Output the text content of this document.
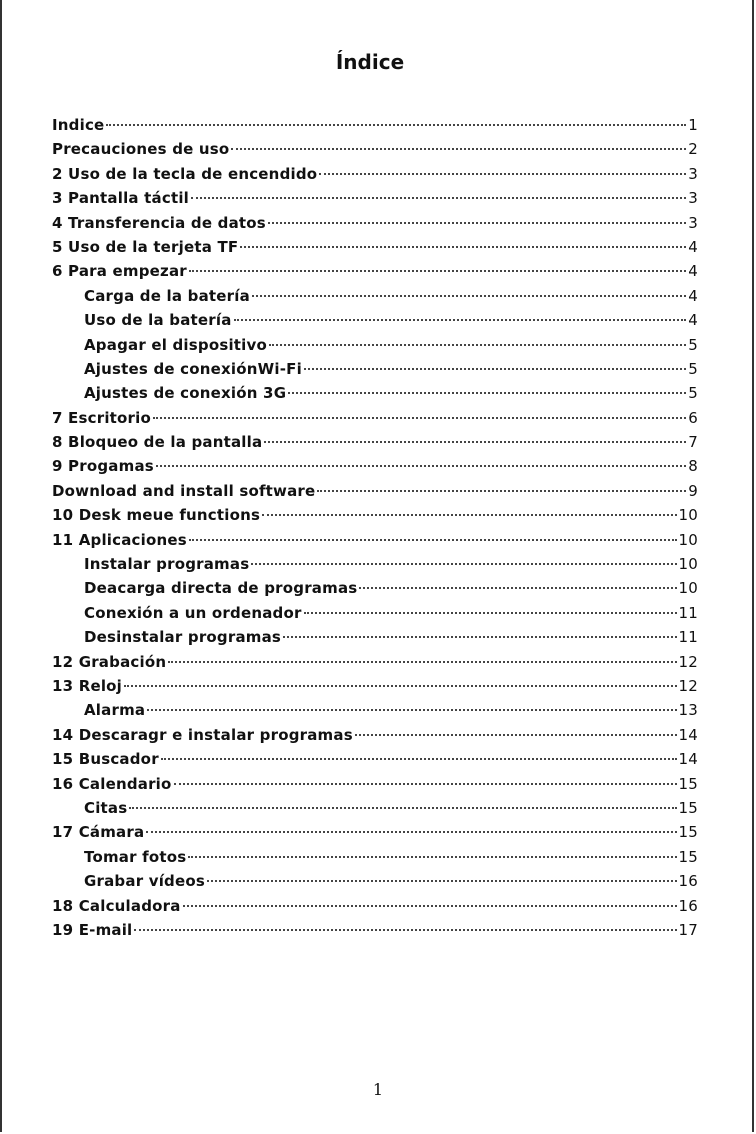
Índice
Indice	1
Precauciones de uso	2
2 Uso de la tecla de encendido	3
3 Pantalla táctil	3
4 Transferencia de datos	3
5 Uso de la terjeta TF	4
6 Para empezar	4
Carga de la batería	4
Uso de la batería	4
Apagar el dispositivo	5
Ajustes de conexiónWi-Fi	5
Ajustes de conexión 3G	5
7 Escritorio	6
8 Bloqueo de la pantalla	7
9 Progamas	8
Download and install software	9
10 Desk meue functions	10
11 Aplicaciones	10
Instalar programas	10
Deacarga directa de programas	10
Conexión a un ordenador	11
Desinstalar programas	11
12 Grabación	12
13 Reloj	12
Alarma	13
14 Descaragr e instalar programas	14
15 Buscador	14
16 Calendario	15
Citas	15
17 Cámara	15
Tomar fotos	15
Grabar vídeos	16
18 Calculadora	16
19 E-mail	17
1
